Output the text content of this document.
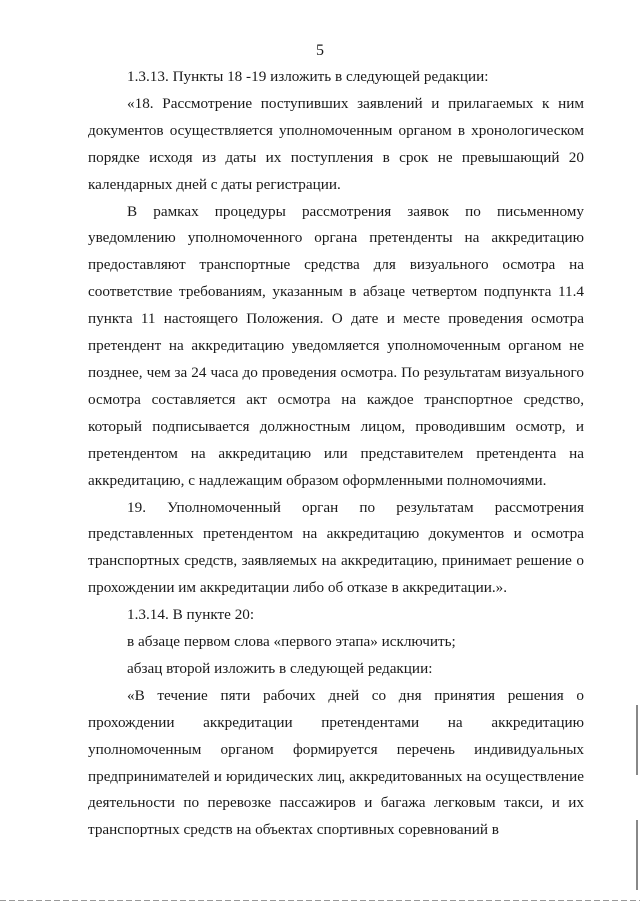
5

1.3.13. Пункты 18 -19 изложить в следующей редакции:

«18. Рассмотрение поступивших заявлений и прилагаемых к ним документов осуществляется уполномоченным органом в хронологическом порядке исходя из даты их поступления в срок не превышающий 20 календарных дней с даты регистрации.

В рамках процедуры рассмотрения заявок по письменному уведомлению уполномоченного органа претенденты на аккредитацию предоставляют транспортные средства для визуального осмотра на соответствие требованиям, указанным в абзаце четвертом подпункта 11.4 пункта 11 настоящего Положения. О дате и месте проведения осмотра претендент на аккредитацию уведомляется уполномоченным органом не позднее, чем за 24 часа до проведения осмотра. По результатам визуального осмотра составляется акт осмотра на каждое транспортное средство, который подписывается должностным лицом, проводившим осмотр, и претендентом на аккредитацию или представителем претендента на аккредитацию, с надлежащим образом оформленными полномочиями.

19. Уполномоченный орган по результатам рассмотрения представленных претендентом на аккредитацию документов и осмотра транспортных средств, заявляемых на аккредитацию, принимает решение о прохождении им аккредитации либо об отказе в аккредитации.».

1.3.14. В пункте 20:

в абзаце первом слова «первого этапа» исключить;

абзац второй изложить в следующей редакции:

«В течение пяти рабочих дней со дня принятия решения о прохождении аккредитации претендентами на аккредитацию уполномоченным органом формируется перечень индивидуальных предпринимателей и юридических лиц, аккредитованных на осуществление деятельности по перевозке пассажиров и багажа легковым такси, и их транспортных средств на объектах спортивных соревнований в
